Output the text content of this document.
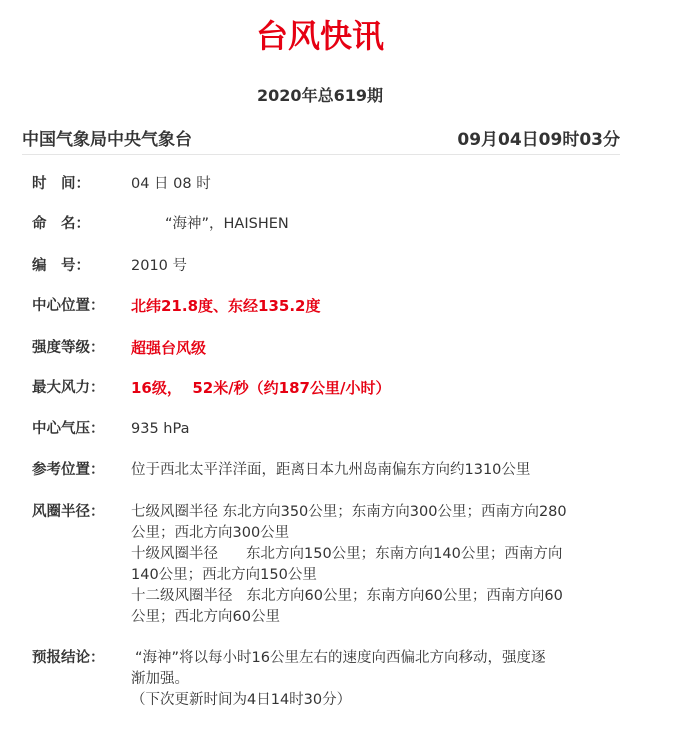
台风快讯
2020年总619期
中国气象局中央气象台	09月04日09时03分
时　间：	04 日 08 时
命　名：	“海神”，HAISHEN
编　号：	2010 号
中心位置：	北纬21.8度、东经135.2度
强度等级：	超强台风级
最大风力：	16级，  52米/秒（约187公里/小时）
中心气压：	935 hPa
参考位置：	位于西北太平洋洋面，距离日本九州岛南偏东方向约1310公里
风圈半径：	七级风圈半径 东北方向350公里；东南方向300公里；西南方向280
公里；西北方向300公里
十级风圈半径 东北方向150公里；东南方向140公里；西南方向
140公里；西北方向150公里
十二级风圈半径 东北方向60公里；东南方向60公里；西南方向60
公里；西北方向60公里
预报结论：	“海神”将以每小时16公里左右的速度向西偏北方向移动，强度逐
渐加强。
（下次更新时间为4日14时30分）
